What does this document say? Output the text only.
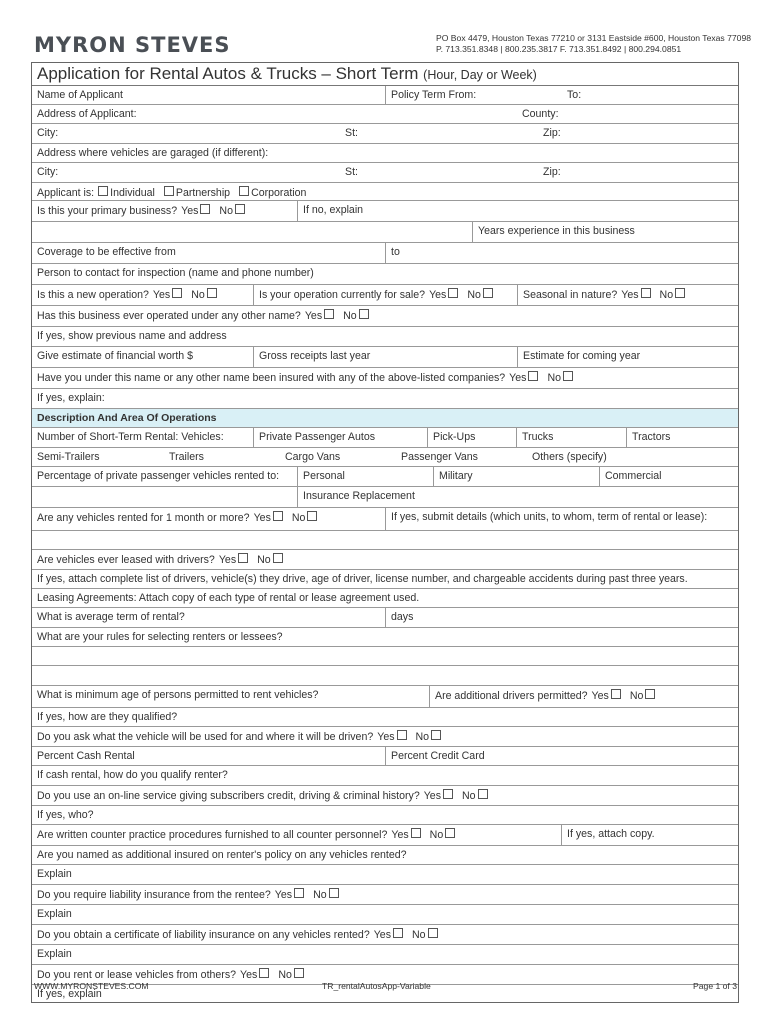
MYRON STEVES	PO Box 4479, Houston Texas 77210 or 3131 Eastside #600, Houston Texas 77098
P. 713.351.8348 | 800.235.3817 F. 713.351.8492 | 800.294.0851
Application for Rental Autos & Trucks – Short Term (Hour, Day or Week)
Name of Applicant	Policy Term From:	To:
Address of Applicant:	County:
City:	St:	Zip:
Address where vehicles are garaged (if different):
City:	St:	Zip:
Applicant is: Individual Partnership Corporation
Is this your primary business? Yes No	If no, explain
Years experience in this business
Coverage to be effective from	to
Person to contact for inspection (name and phone number)
Is this a new operation? Yes No	Is your operation currently for sale? Yes No	Seasonal in nature? Yes No
Has this business ever operated under any other name? Yes No
If yes, show previous name and address
Give estimate of financial worth $	Gross receipts last year	Estimate for coming year
Have you under this name or any other name been insured with any of the above-listed companies? Yes No
If yes, explain:
Description And Area Of Operations
Number of Short-Term Rental: Vehicles:	Private Passenger Autos	Pick-Ups	Trucks	Tractors
Semi-Trailers	Trailers	Cargo Vans	Passenger Vans	Others (specify)
Percentage of private passenger vehicles rented to:	Personal	Military	Commercial
Insurance Replacement
Are any vehicles rented for 1 month or more? Yes No	If yes, submit details (which units, to whom, term of rental or lease):
Are vehicles ever leased with drivers? Yes No
If yes, attach complete list of drivers, vehicle(s) they drive, age of driver, license number, and chargeable accidents during past three years.
Leasing Agreements: Attach copy of each type of rental or lease agreement used.
What is average term of rental?	days
What are your rules for selecting renters or lessees?
What is minimum age of persons permitted to rent vehicles?	Are additional drivers permitted? Yes No
If yes, how are they qualified?
Do you ask what the vehicle will be used for and where it will be driven? Yes No
Percent Cash Rental	Percent Credit Card
If cash rental, how do you qualify renter?
Do you use an on-line service giving subscribers credit, driving & criminal history? Yes No
If yes, who?
Are written counter practice procedures furnished to all counter personnel? Yes No	If yes, attach copy.
Are you named as additional insured on renter's policy on any vehicles rented?
Explain
Do you require liability insurance from the rentee? Yes No
Explain
Do you obtain a certificate of liability insurance on any vehicles rented? Yes No
Explain
Do you rent or lease vehicles from others? Yes No
If yes, explain
WWW.MYRONSTEVES.COM	TR_rentalAutosApp-Variable	Page 1 of 3
